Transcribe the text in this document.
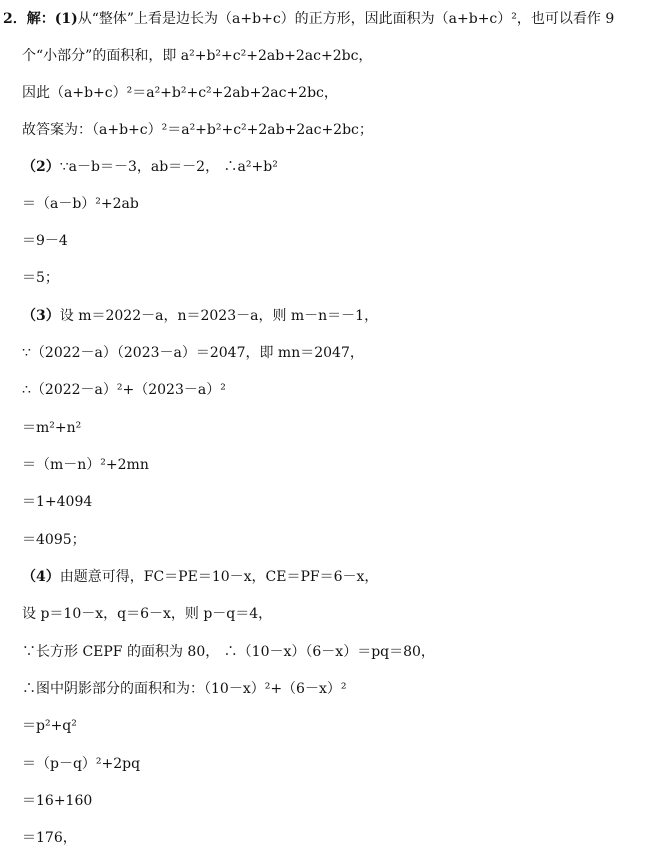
2．解：(1)从“整体”上看是边长为（a+b+c）的正方形，因此面积为（a+b+c）²，也可以看作 9
个“小部分”的面积和，即 a²+b²+c²+2ab+2ac+2bc，
因此（a+b+c）²＝a²+b²+c²+2ab+2ac+2bc，
故答案为：（a+b+c）²＝a²+b²+c²+2ab+2ac+2bc；
（2）∵a－b＝－3，ab＝－2， ∴a²+b²
＝（a－b）²+2ab
＝9－4
＝5；
（3）设 m＝2022－a，n＝2023－a，则 m－n＝－1，
∵（2022－a）（2023－a）＝2047，即 mn＝2047，
∴（2022－a）²+（2023－a）²
＝m²+n²
＝（m－n）²+2mn
＝1+4094
＝4095；
（4）由题意可得，FC＝PE＝10－x，CE＝PF＝6－x，
设 p＝10－x，q＝6－x，则 p－q＝4，
∵长方形 CEPF 的面积为 80， ∴（10－x）（6－x）＝pq＝80，
∴图中阴影部分的面积和为：（10－x）²+（6－x）²
＝p²+q²
＝（p－q）²+2pq
＝16+160
＝176，
